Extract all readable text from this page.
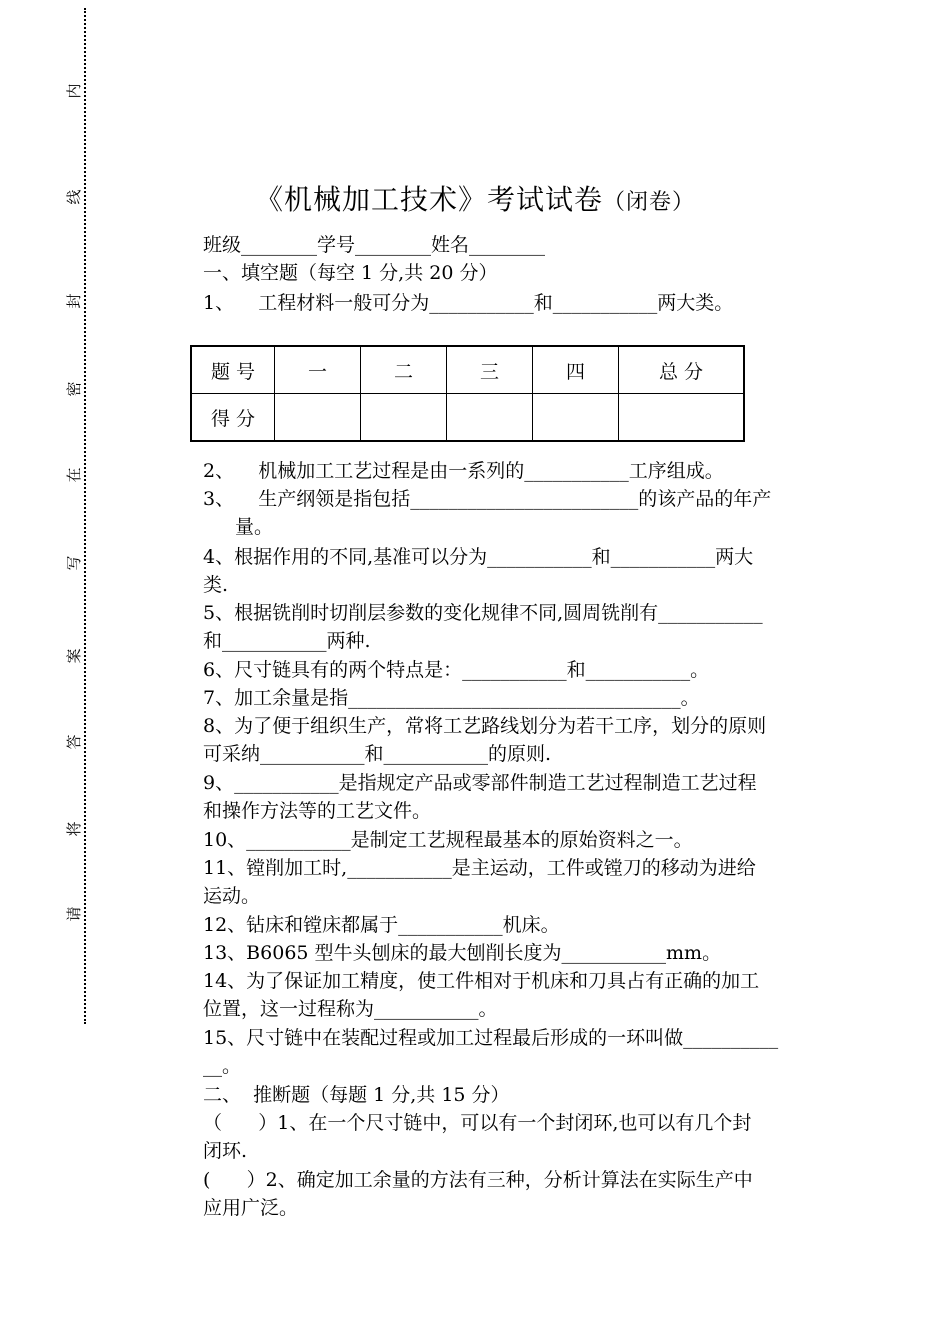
内
线
封
密
在
写
案
答
将
请
《机械加工技术》考试试卷（闭卷）
班级________学号________姓名________
一、填空题（每空 1 分,共 20 分）
1、    工程材料一般可分为___________和___________两大类。
题 号	一	二	三	四	总 分
得 分					
2、    机械加工工艺过程是由一系列的___________工序组成。
3、    生产纲领是指包括________________________的该产品的年产
量。
4、根据作用的不同,基准可以分为___________和___________两大
类.
5、根据铣削时切削层参数的变化规律不同,圆周铣削有___________
和___________两种.
6、尺寸链具有的两个特点是：___________和___________。
7、加工余量是指___________________________________。
8、为了便于组织生产，常将工艺路线划分为若干工序，划分的原则
可采纳___________和___________的原则.
9、___________是指规定产品或零部件制造工艺过程制造工艺过程
和操作方法等的工艺文件。
10、___________是制定工艺规程最基本的原始资料之一。
11、镗削加工时,___________是主运动，工件或镗刀的移动为进给
运动。
12、钻床和镗床都属于___________机床。
13、B6065 型牛头刨床的最大刨削长度为___________mm。
14、为了保证加工精度，使工件相对于机床和刀具占有正确的加工
位置，这一过程称为___________。
15、尺寸链中在装配过程或加工过程最后形成的一环叫做__________
__。
二、  推断题（每题 1 分,共 15 分）
（      ）1、在一个尺寸链中，可以有一个封闭环,也可以有几个封
闭环.
(      ）2、确定加工余量的方法有三种，分析计算法在实际生产中
应用广泛。
